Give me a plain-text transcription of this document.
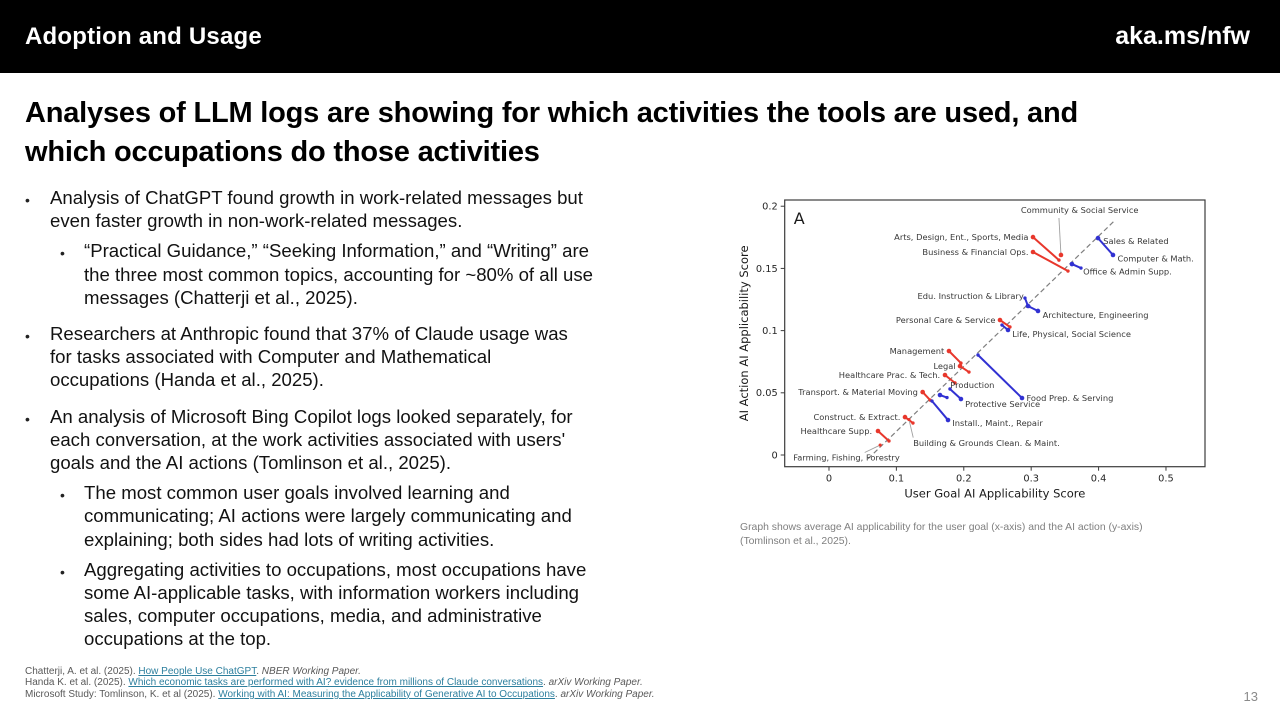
Adoption and Usage	aka.ms/nfw
Analyses of LLM logs are showing for which activities the tools are used, and
which occupations do those activities
•	Analysis of ChatGPT found growth in work-related messages but
even faster growth in non-work-related messages.
•	“Practical Guidance,” “Seeking Information,” and “Writing” are
the three most common topics, accounting for ~80% of all use
messages (Chatterji et al., 2025).
•	Researchers at Anthropic found that 37% of Claude usage was
for tasks associated with Computer and Mathematical
occupations (Handa et al., 2025).
•	An analysis of Microsoft Bing Copilot logs looked separately, for
each conversation, at the work activities associated with users'
goals and the AI actions (Tomlinson et al., 2025).
•	The most common user goals involved learning and
communicating; AI actions were largely communicating and
explaining; both sides had lots of writing activities.
•	Aggregating activities to occupations, most occupations have
some AI-applicable tasks, with information workers including
sales, computer occupations, media, and administrative
occupations at the top.
Farming, Fishing, Forestry
Healthcare Supp.
Construct. & Extract.
Building & Grounds Clean. & Maint.
Transport. & Material Moving
Healthcare Prac. & Tech.
Legal
Management
Production
Protective Service
Install., Maint., Repair
Food Prep. & Serving
Life, Physical, Social Science
Personal Care & Service
Edu. Instruction & Library
Architecture, Engineering
Community & Social Service
Arts, Design, Ent., Sports, Media
Business & Financial Ops.
Office & Admin Supp.
Sales & Related
Computer & Math.
0	0.1	0.2	0.3	0.4	0.5
0
0.05
0.1
0.15
0.2
User Goal AI Applicability Score
AI Action AI Applicability Score
A
Graph shows average AI applicability for the user goal (x-axis) and the AI action (y-axis)
(Tomlinson et al., 2025).
Chatterji, A. et al. (2025). How People Use ChatGPT. NBER Working Paper.
Handa K. et al. (2025). Which economic tasks are performed with AI? evidence from millions of Claude conversations. arXiv Working Paper.
Microsoft Study: Tomlinson, K. et al (2025). Working with AI: Measuring the Applicability of Generative AI to Occupations. arXiv Working Paper.	13
